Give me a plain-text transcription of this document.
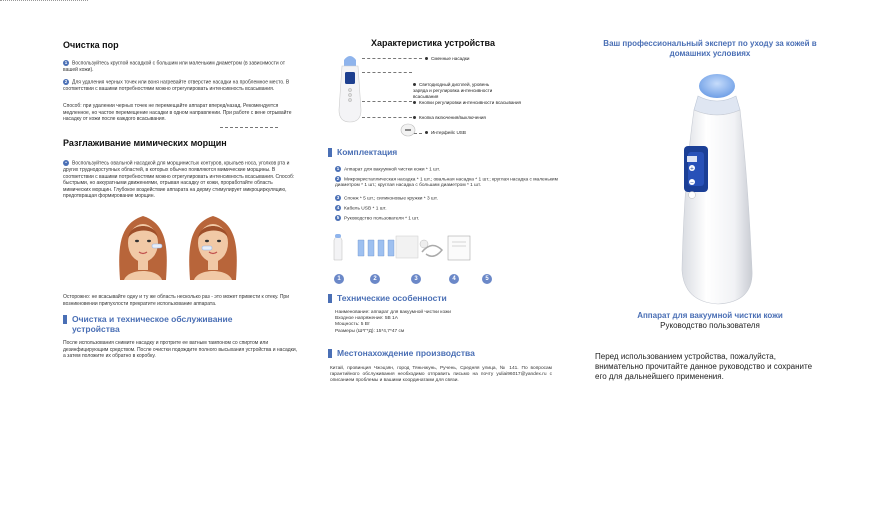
Очистка пор
1 Воспользуйтесь круглой насадкой с большим или маленьким диаметром (в зависимости от вашей кожи).
2 Для удаления черных точек или воня нагревайте отверстие насадки на проблемное место. В соответствии с вашими потребностями можно отрегулировать интенсивность всасывания.
Способ: при удалении черных точек не перемещайте аппарат вперед/назад. Рекомендуется медленное, но частое перемещение насадки в одном направлении. При работе с вене отрывайте насадку от кожи после каждого всасывания.
Разглаживание мимических морщин
• Воспользуйтесь овальной насадкой для морщинистых контуров, крыльев носа, уголков рта и других труднодоступных областей, в которых обычно появляются мимические морщины. В соответствии с вашими потребностями можно отрегулировать интенсивность всасывания. Способ: быстрыми, но аккуратными движениями, отрывая насадку от кожи, проработайте область мимических морщин. Глубокое воздействие аппарата на дерму стимулирует микроциркуляцию, предотвращая формирование морщин.
Осторожно: не всасывайте одну и ту же область несколько раз - это может привести к отеку. При возникновении припухлости прекратите использование аппарата.
Очистка и техническое обслуживание
устройства
После использования снимите насадку и протрите ее ватным тампоном со спиртом или дезинфицирующим средством. После очистки подождите полного высыхания устройства и насадки, а затем положите их обратно в коробку.
Характеристика устройства
Сменные насадки
Светодиодный дисплей, уровень заряда и регулировка интенсивности всасывания
Кнопки регулировки интенсивности всасывания
Кнопка включения/выключения
Интерфейс USB
Комплектация
1 Аппарат для вакуумной чистки кожи * 1 шт.
2 Микрокристаллическая насадка * 1 шт.; овальная насадка * 1 шт.; круглая насадка с маленьким диаметром * 1 шт.; круглая насадка с большим диаметром * 1 шт.
3 Спонж * 5 шт.; силиконовые кружки * 3 шт.
4 Кабель USB * 1 шт.
5 Руководство пользователя * 1 шт.
1	2	3	4	5
Технические особенности
Наименование: аппарат для вакуумной чистки кожи
Входное напряжение: 5В 1А
Мощность: 5 Вт
Размеры (Ш*Г*Д): 15*4,7*47 см
Местонахождение производства
Китай, провинция Чжэцзян, город Тяньчжунь, Ручень, Средняя улица, № 141. По вопросам гарантийного обслуживания необходимо отправить письмо на почту yuliai96017@yandex.ru с описанием проблемы и вашими координатами для связи.
Ваш профессиональный эксперт по уходу за кожей в
домашних условиях
+
−
Аппарат для вакуумной чистки кожи
Руководство пользователя
Перед использованием устройства, пожалуйста, внимательно прочитайте данное руководство и сохраните его для дальнейшего применения.
